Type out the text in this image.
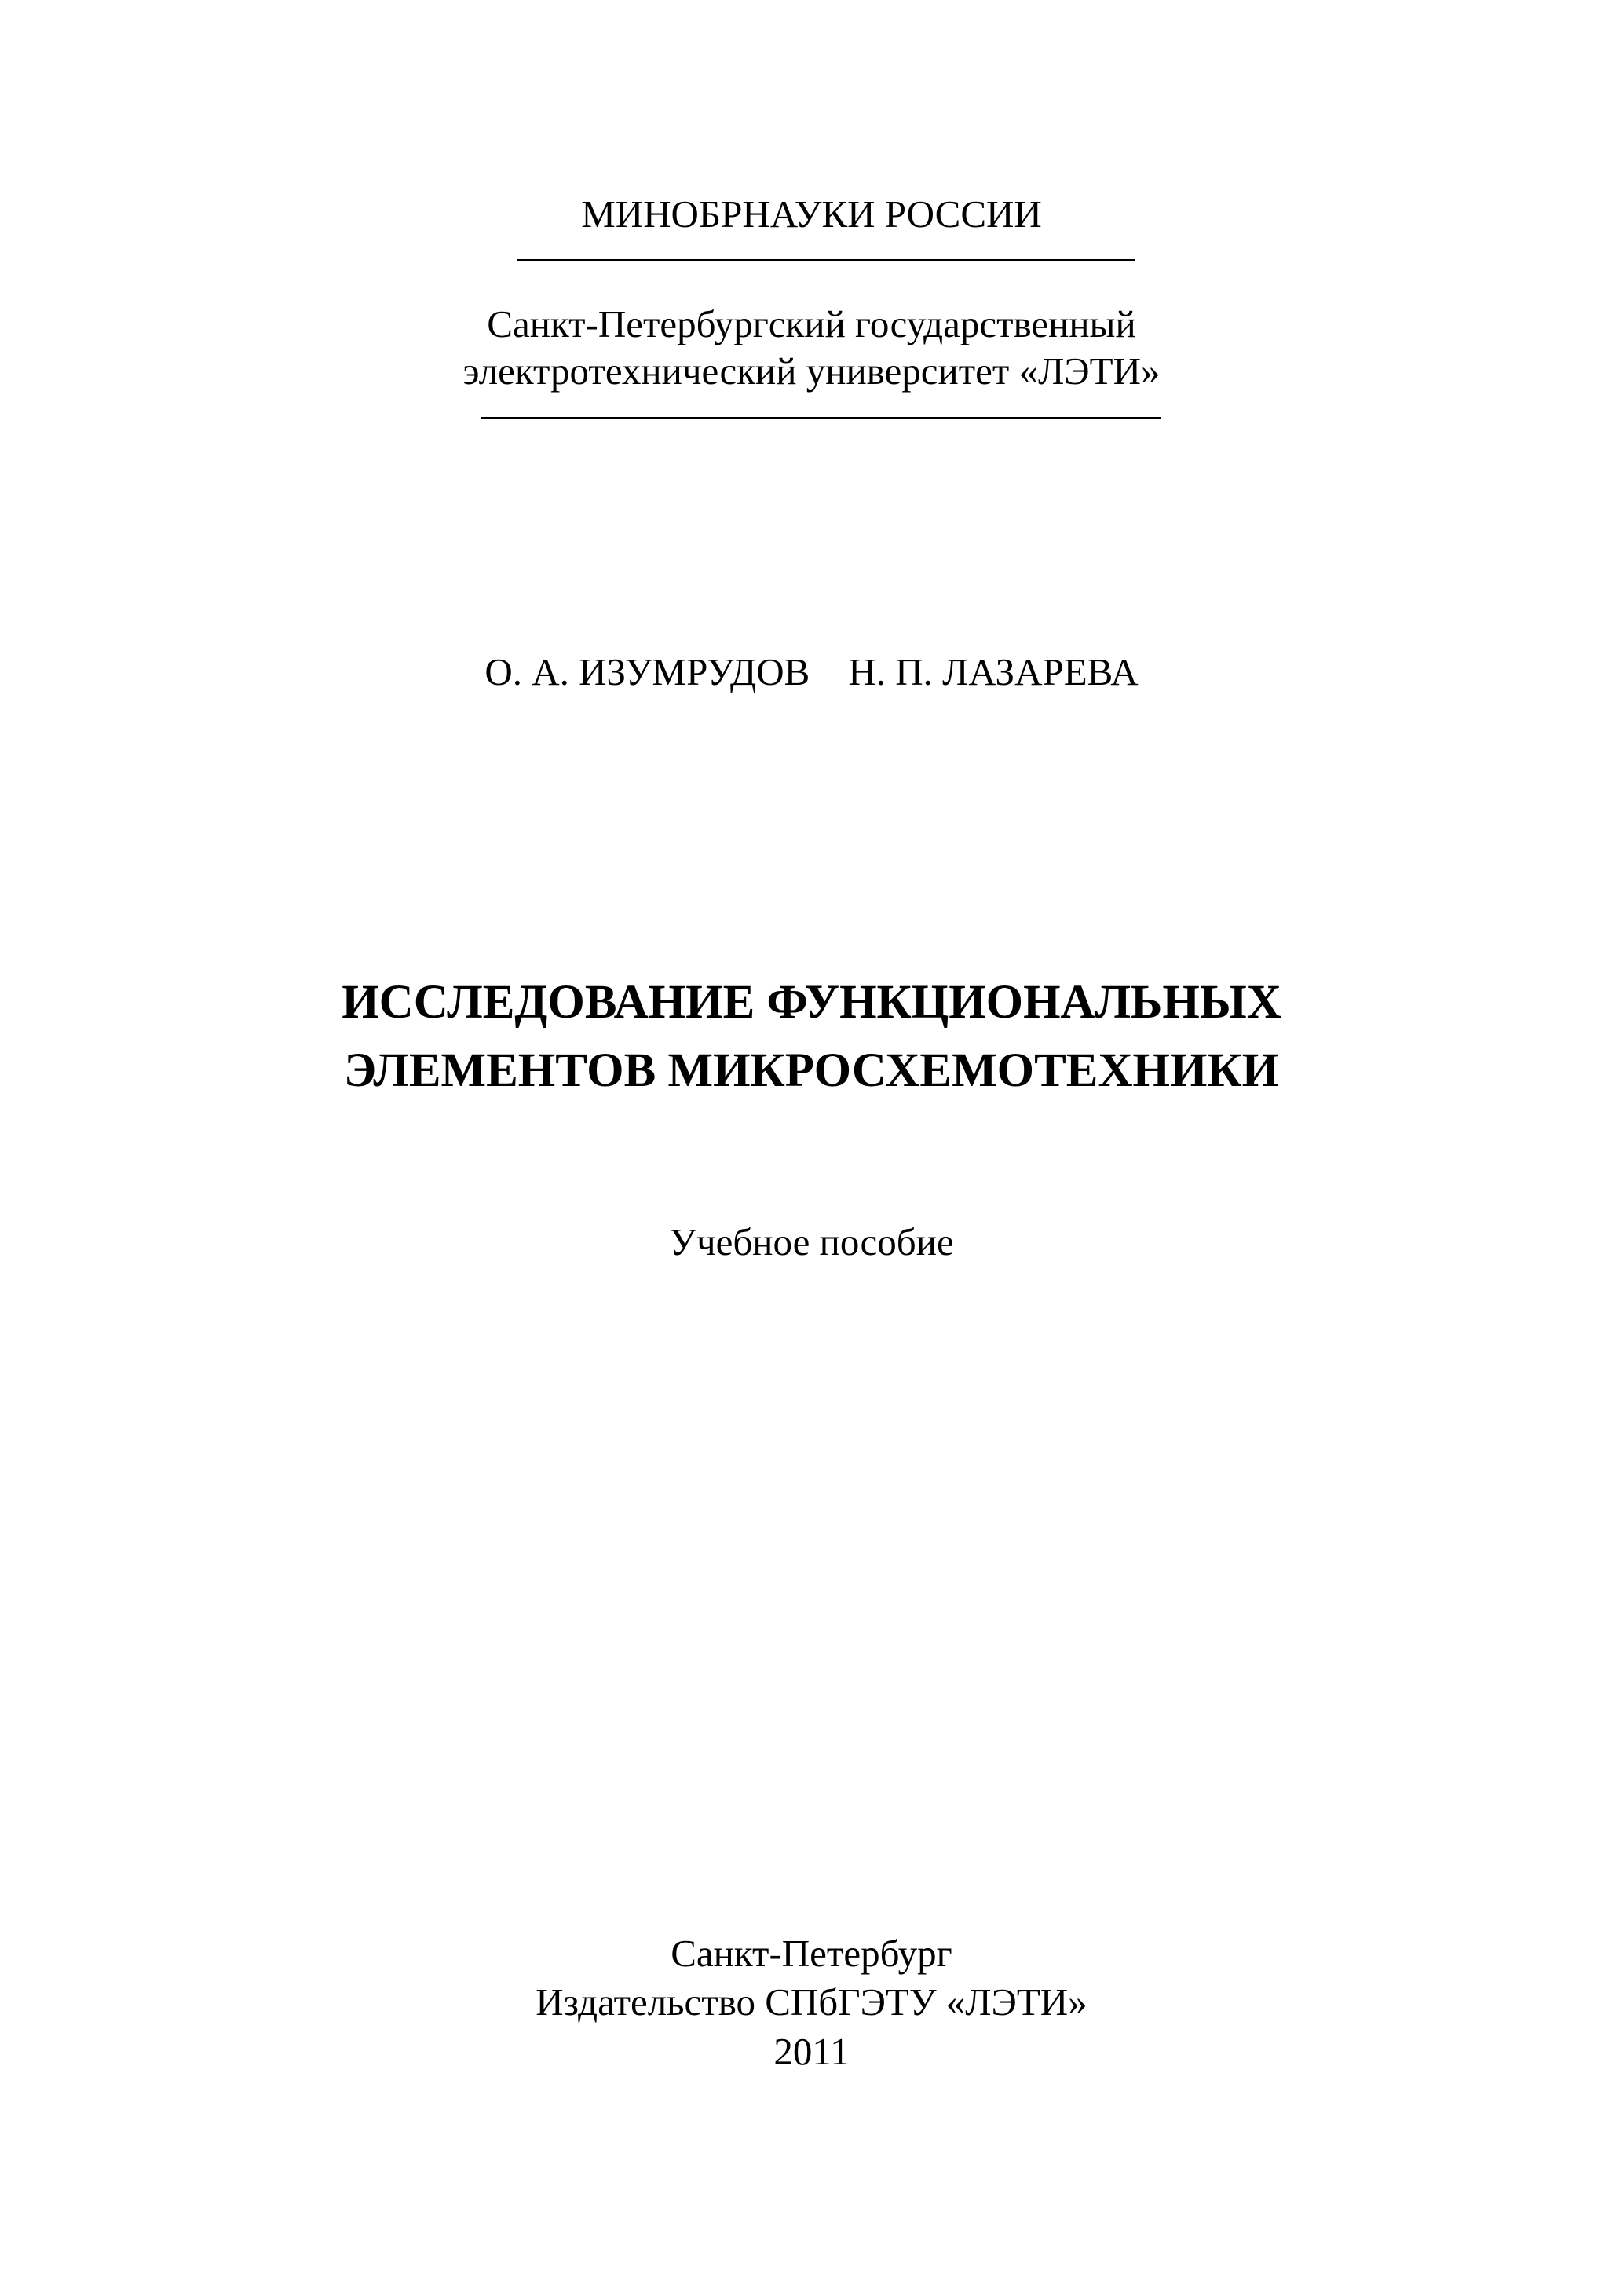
МИНОБРНАУКИ РОССИИ
Санкт-Петербургский государственный
электротехнический университет «ЛЭТИ»
О. А. ИЗУМРУДОВ    Н. П. ЛАЗАРЕВА
ИССЛЕДОВАНИЕ ФУНКЦИОНАЛЬНЫХ
ЭЛЕМЕНТОВ МИКРОСХЕМОТЕХНИКИ
Учебное пособие
Санкт-Петербург
Издательство СПбГЭТУ «ЛЭТИ»
2011
